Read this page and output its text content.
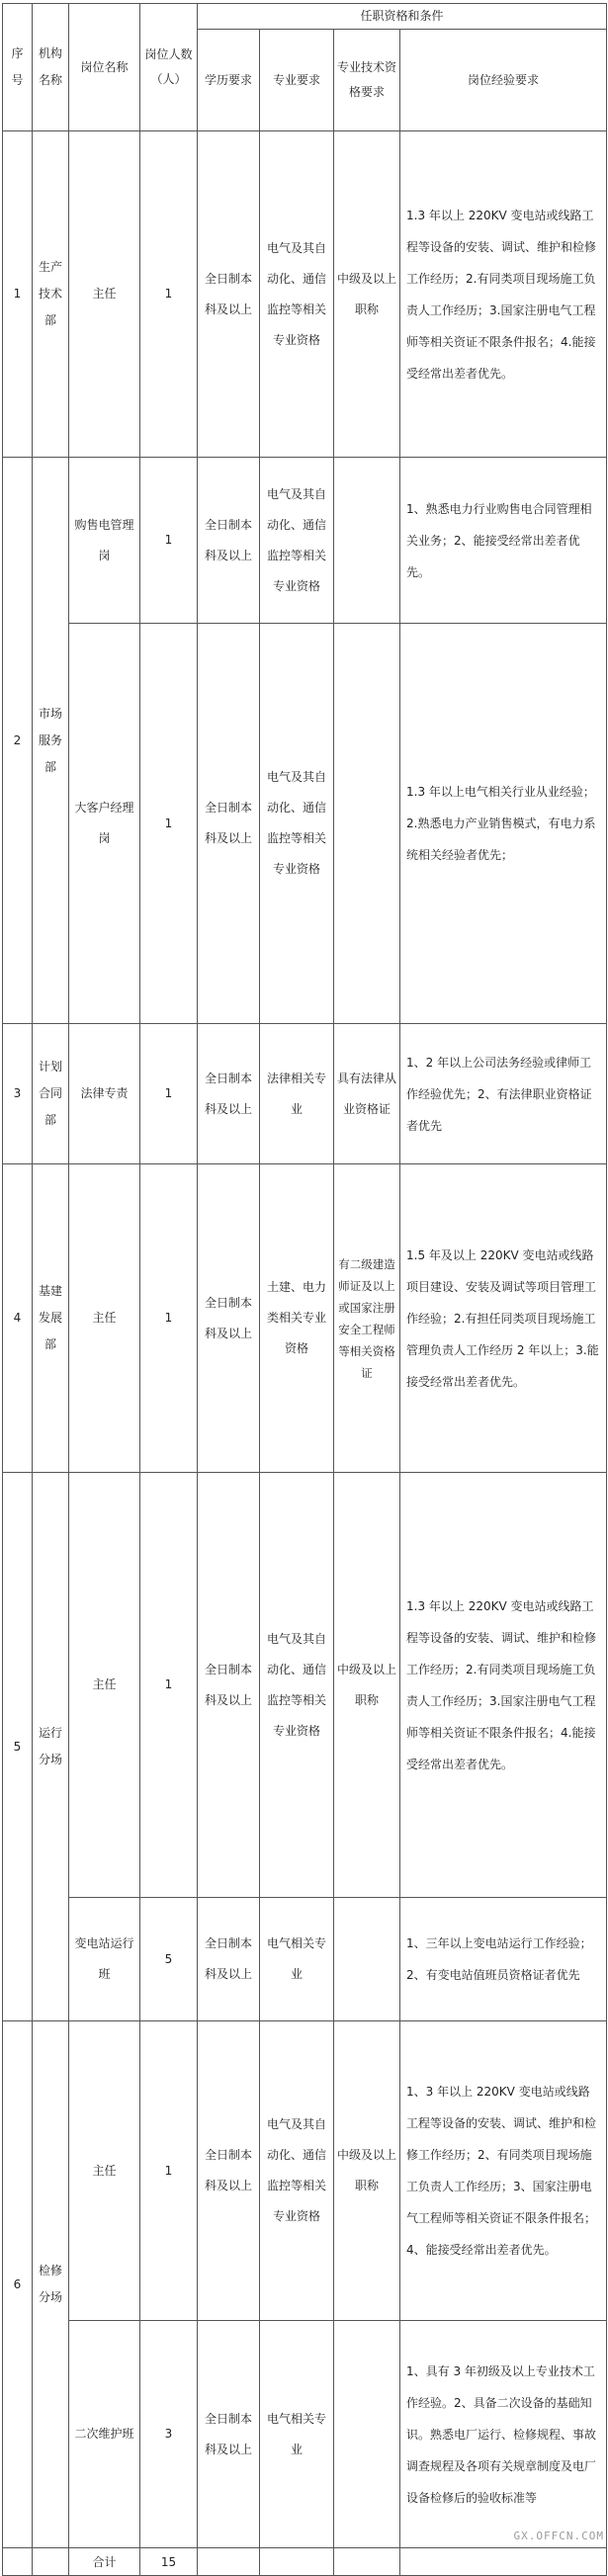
序号	机构名称	岗位名称	岗位人数（人）	任职资格和条件			
				学历要求	专业要求	专业技术资格要求	岗位经验要求
1	生产技术部	主任	1	全日制本科及以上	电气及其自动化、通信监控等相关专业资格	中级及以上职称	1.3 年以上 220KV 变电站或线路工程等设备的安装、调试、维护和检修工作经历；2.有同类项目现场施工负责人工作经历；3.国家注册电气工程师等相关资证不限条件报名；4.能接受经常出差者优先。
2	市场服务部	购售电管理岗	1	全日制本科及以上	电气及其自动化、通信监控等相关专业资格		1、熟悉电力行业购售电合同管理相关业务；2、能接受经常出差者优先。
		大客户经理岗	1	全日制本科及以上	电气及其自动化、通信监控等相关专业资格		1.3 年以上电气相关行业从业经验；2.熟悉电力产业销售模式，有电力系统相关经验者优先；
3	计划合同部	法律专责	1	全日制本科及以上	法律相关专业	具有法律从业资格证	1、2 年以上公司法务经验或律师工作经验优先；2、有法律职业资格证者优先
4	基建发展部	主任	1	全日制本科及以上	土建、电力类相关专业资格	有二级建造师证及以上或国家注册安全工程师等相关资格证	1.5 年及以上 220KV 变电站或线路项目建设、安装及调试等项目管理工作经验；2.有担任同类项目现场施工管理负责人工作经历 2 年以上；3.能接受经常出差者优先。
5	运行分场	主任	1	全日制本科及以上	电气及其自动化、通信监控等相关专业资格	中级及以上职称	1.3 年以上 220KV 变电站或线路工程等设备的安装、调试、维护和检修工作经历；2.有同类项目现场施工负责人工作经历；3.国家注册电气工程师等相关资证不限条件报名；4.能接受经常出差者优先。
		变电站运行班	5	全日制本科及以上	电气相关专业		1、三年以上变电站运行工作经验；2、有变电站值班员资格证者优先
6	检修分场	主任	1	全日制本科及以上	电气及其自动化、通信监控等相关专业资格	中级及以上职称	1、3 年以上 220KV 变电站或线路工程等设备的安装、调试、维护和检修工作经历；2、有同类项目现场施工负责人工作经历；3、国家注册电气工程师等相关资证不限条件报名；4、能接受经常出差者优先。
		二次维护班	3	全日制本科及以上	电气相关专业		1、具有 3 年初级及以上专业技术工作经验。2、具备二次设备的基础知识。熟悉电厂运行、检修规程、事故调查规程及各项有关规章制度及电厂设备检修后的验收标准等
		合计	15				
GX.OFFCN.COM
